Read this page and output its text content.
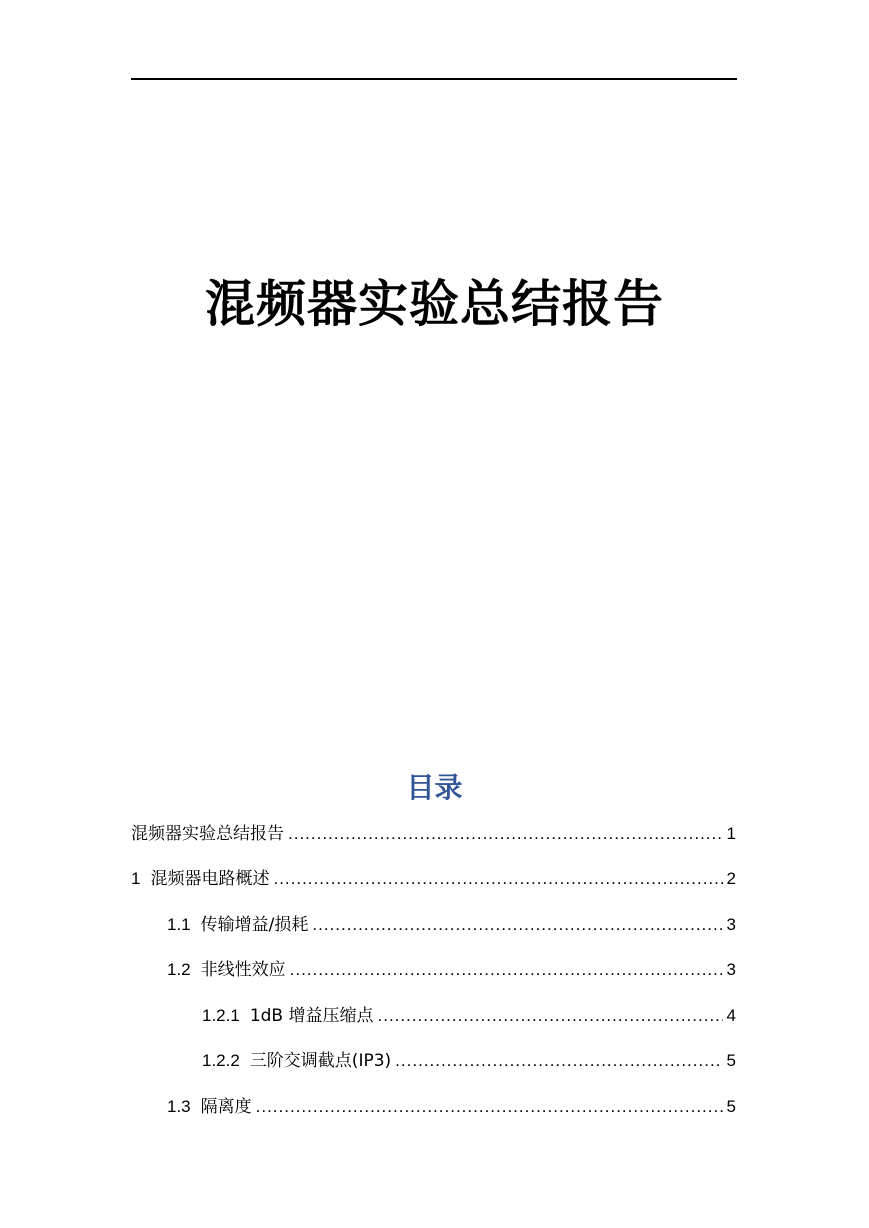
混频器实验总结报告
目录
混频器实验总结报告 .....	1
1 混频器电路概述 .....	2
1.1 传输增益/损耗 .....	3
1.2 非线性效应 .....	3
1.2.1 1dB 增益压缩点 .....	4
1.2.2 三阶交调截点(IP3) .....	5
1.3 隔离度 .....	5
